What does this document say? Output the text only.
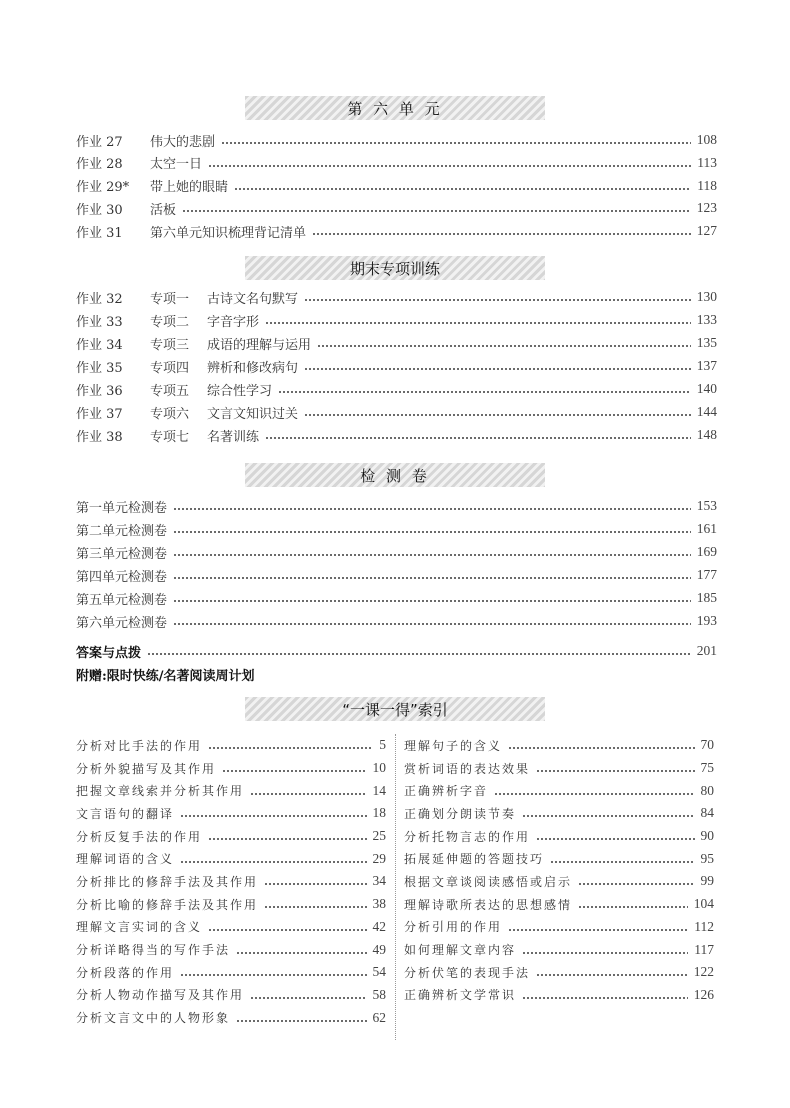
第 六 单 元
作业 27	伟大的悲剧	108
作业 28	太空一日	113
作业 29*	带上她的眼睛	118
作业 30	活板	123
作业 31	第六单元知识梳理背记清单	127
期末专项训练
作业 32	专项一	古诗文名句默写	130
作业 33	专项二	字音字形	133
作业 34	专项三	成语的理解与运用	135
作业 35	专项四	辨析和修改病句	137
作业 36	专项五	综合性学习	140
作业 37	专项六	文言文知识过关	144
作业 38	专项七	名著训练	148
检 测 卷
第一单元检测卷	153
第二单元检测卷	161
第三单元检测卷	169
第四单元检测卷	177
第五单元检测卷	185
第六单元检测卷	193
答案与点拨	201
附赠:限时快练/名著阅读周计划
“一课一得”索引
分析对比手法的作用	5
分析外貌描写及其作用	10
把握文章线索并分析其作用	14
文言语句的翻译	18
分析反复手法的作用	25
理解词语的含义	29
分析排比的修辞手法及其作用	34
分析比喻的修辞手法及其作用	38
理解文言实词的含义	42
分析详略得当的写作手法	49
分析段落的作用	54
分析人物动作描写及其作用	58
分析文言文中的人物形象	62
理解句子的含义	70
赏析词语的表达效果	75
正确辨析字音	80
正确划分朗读节奏	84
分析托物言志的作用	90
拓展延伸题的答题技巧	95
根据文章谈阅读感悟或启示	99
理解诗歌所表达的思想感情	104
分析引用的作用	112
如何理解文章内容	117
分析伏笔的表现手法	122
正确辨析文学常识	126
